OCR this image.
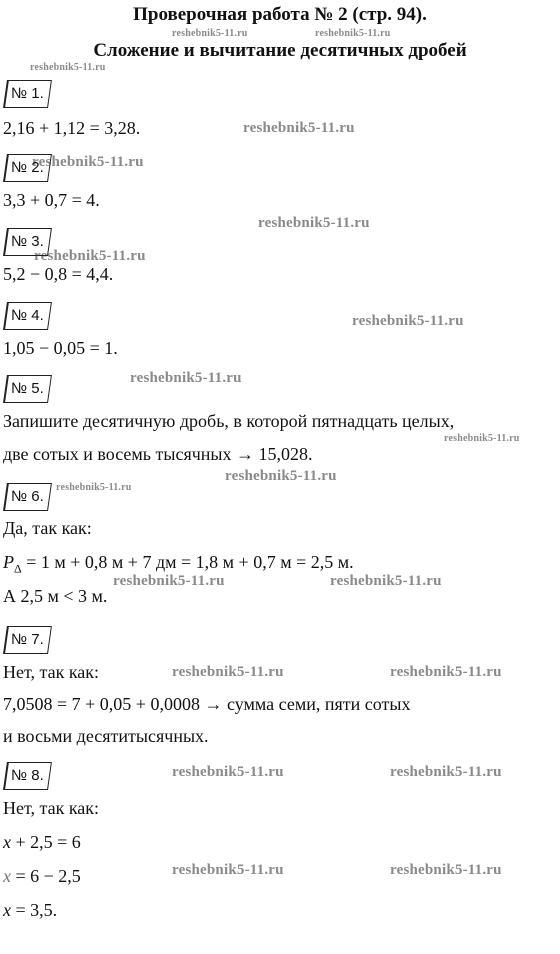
Проверочная работа № 2 (стр. 94).
Сложение и вычитание десятичных дробей
reshebnik5-11.ru	reshebnik5-11.ru
reshebnik5-11.ru
reshebnik5-11.ru
reshebnik5-11.ru
reshebnik5-11.ru
reshebnik5-11.ru
reshebnik5-11.ru
reshebnik5-11.ru
reshebnik5-11.ru
reshebnik5-11.ru
reshebnik5-11.ru
reshebnik5-11.ru	reshebnik5-11.ru
reshebnik5-11.ru	reshebnik5-11.ru
reshebnik5-11.ru	reshebnik5-11.ru
reshebnik5-11.ru	reshebnik5-11.ru
№ 1.
2,16 + 1,12 = 3,28.
№ 2.
3,3 + 0,7 = 4.
№ 3.
5,2 − 0,8 = 4,4.
№ 4.
1,05 − 0,05 = 1.
№ 5.
Запишите десятичную дробь, в которой пятнадцать целых,
две сотых и восемь тысячных → 15,028.
№ 6.
Да, так как:
$P_\Delta = 1$ м + 0,8 м + 7 дм = 1,8 м + 0,7 м = 2,5 м.
А 2,5 м < 3 м.
№ 7.
Нет, так как:
7,0508 = 7 + 0,05 + 0,0008 → сумма семи, пяти сотых
и восьми десятитысячных.
№ 8.
Нет, так как:
x + 2,5 = 6
x = 6 − 2,5
x = 3,5.
